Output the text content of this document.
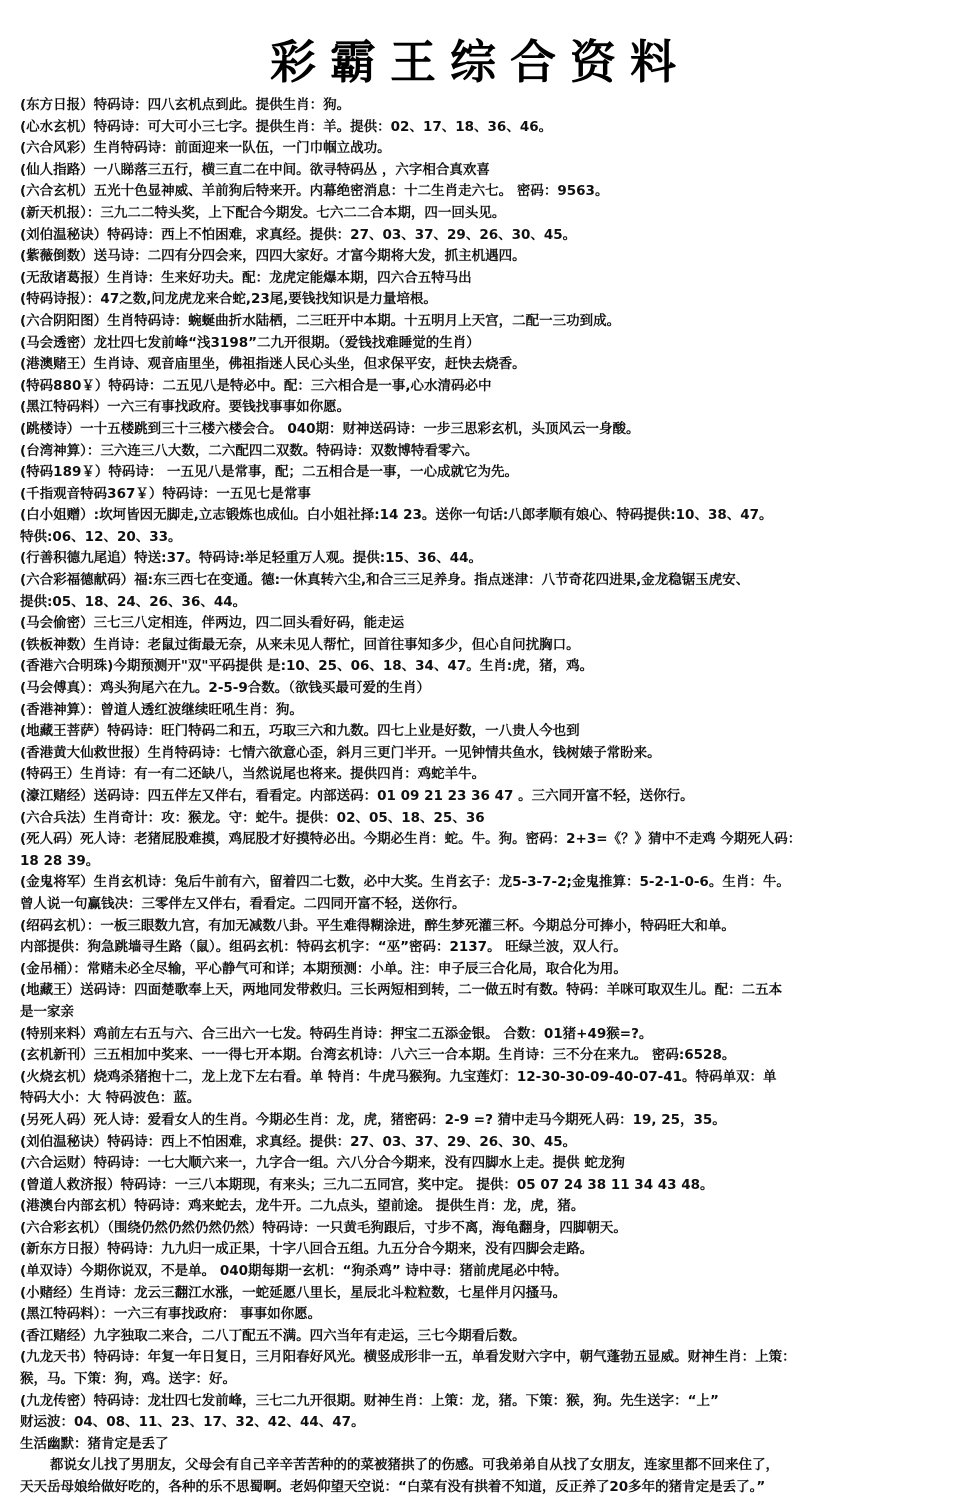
彩霸王综合资料
(东方日报）特码诗：四八玄机点到此。提供生肖：狗。
(心水玄机）特码诗：可大可小三七字。提供生肖：羊。提供：02、17、18、36、46。
(六合风彩）生肖特码诗：前面迎来一队伍，一门巾帼立战功。
(仙人指路）一八睇落三五行，横三直二在中间。欲寻特码丛 ，六字相合真欢喜
(六合玄机）五光十色显神威、羊前狗后特来开。内幕绝密消息：十二生肖走六七。 密码：9563。
(新天机报）：三九二二特头奖，上下配合今期发。七六二二合本期，四一回头见。
(刘伯温秘诀）特码诗：西上不怕困难，求真经。提供：27、03、37、29、26、30、45。
(紫薇倒数）送马诗：二四有分四会来，四四大家好。才富今期将大发，抓主机遇四。
(无敌诸葛报）生肖诗：生来好功夫。配：龙虎定能爆本期，四六合五特马出
(特码诗报）：47之数,问龙虎龙来合蛇,23尾,要钱找知识是力量培根。
(六合阴阳图）生肖特码诗：蜿蜒曲折水陆栖，二三旺开中本期。十五明月上天宫，二配一三功到成。
(马会透密）龙壮四七发前峰“浅3198”二九开很期。（爱钱找难睡觉的生肖）
(港澳赌王）生肖诗、观音庙里坐，佛祖指迷人民心头坐，但求保平安，赶快去烧香。
(特码880￥）特码诗：二五见八是特必中。配：三六相合是一事,心水清码必中
(黑江特码料）一六三有事找政府。要钱找事事如你愿。
(跳楼诗）一十五楼跳到三十三楼六楼会合。 040期：财神送码诗：一步三思彩玄机，头顶风云一身酸。
(台湾神算）：三六连三八大数，二六配四二双数。特码诗：双数博特看零六。
(特码189￥）特码诗： 一五见八是常事，配；二五相合是一事，一心成就它为先。
(千指观音特码367￥）特码诗：一五见七是常事
(白小姐赠）:坎坷皆因无脚走,立志锻炼也成仙。白小姐社择:14 23。送你一句话:八郎孝顺有娘心、特码提供:10、38、47。
特供:06、12、20、33。
(行善积德九尾追）特送:37。特码诗:举足轻重万人观。提供:15、36、44。
(六合彩福德献码）福:东三西七在变通。德:一休真转六尘,和合三三足养身。指点迷津：八节奇花四进果,金龙稳锯玉虎安、
提供:05、18、24、26、36、44。
(马会偷密）三七三八定相连，伴两边，四二回头看好码，能走运
(铁板神数）生肖诗：老鼠过街最无奈，从来未见人帮忙，回首往事知多少，但心自问扰胸口。
(香港六合明珠)今期预测开"双"平码提供 是:10、25、06、18、34、47。生肖:虎，猪，鸡。
(马会傅真）：鸡头狗尾六在九。2-5-9合数。（欲钱买最可爱的生肖）
(香港神算）：曾道人透红波继续旺吼生肖：狗。
(地藏王菩萨）特码诗：旺门特码二和五，巧取三六和九数。四七上业是好数，一八贵人今也到
(香港黄大仙救世报）生肖特码诗：七情六欲意心歪，斜月三更门半开。一见钟情共鱼水，钱树婊子常盼来。
(特码王）生肖诗：有一有二还缺八，当然说尾也将来。提供四肖：鸡蛇羊牛。
(濠江赌经）送码诗：四五伴左又伴右，看看定。内部送码：01 09 21 23 36 47 。三六同开富不轻，送你行。
(六合兵法）生肖奇计：攻：猴龙。守：蛇牛。提供：02、05、18、25、36
(死人码）死人诗：老猪屁股难摸，鸡屁股才好摸特必出。今期必生肖：蛇。牛。狗。密码：2+3=《？》猜中不走鸡 今期死人码：
18 28 39。
(金鬼将军）生肖玄机诗：兔后牛前有六，留着四二七数，必中大奖。生肖玄子：龙5-3-7-2;金鬼推算：5-2-1-0-6。生肖：牛。
曾人说一句赢钱决：三零伴左又伴右，看看定。二四同开富不轻，送你行。
(绍码玄机）：一板三眼数九宫，有加无减数八卦。平生难得糊涂进，醉生梦死灌三杯。今期总分可捧小，特码旺大和单。
内部提供：狗急跳墙寻生路（鼠）。组码玄机：特码玄机字：“巫”密码：2137。 旺绿兰波，双人行。
(金吊桶）：常赌未必全尽输，平心静气可和详；本期预测：小单。注：申子辰三合化局，取合化为用。
(地藏王）送码诗：四面楚歌奉上天，两地同发带救归。三长两短相到转，二一做五时有数。特码：羊咪可取双生儿。配：二五本
是一家亲
(特别来料）鸡前左右五与六、合三出六一七发。特码生肖诗：押宝二五添金银。 合数：01猪+49猴=?。
(玄机新刊）三五相加中奖来、一一得七开本期。台湾玄机诗：八六三一合本期。生肖诗：三不分在来九。 密码:6528。
(火烧玄机）烧鸡杀猪抱十二，龙上龙下左右看。单 特肖：牛虎马猴狗。九宝莲灯：12-30-30-09-40-07-41。特码单双：单
特码大小：大 特码波色：蓝。
(另死人码）死人诗：爱看女人的生肖。今期必生肖：龙，虎，猪密码：2-9 =? 猜中走马今期死人码：19, 25，35。
(刘伯温秘诀）特码诗：西上不怕困难，求真经。提供：27、03、37、29、26、30、45。
(六合运财）特码诗：一七大顺六来一，九字合一组。六八分合今期来，没有四脚水上走。提供 蛇龙狗
(曾道人救济报）特码诗：一三八本期现，有来头；三九二五同宫，奖中定。 提供：05 07 24 38 11 34 43 48。
(港澳台内部玄机）特码诗：鸡来蛇去，龙牛开。二九点头，望前途。 提供生肖：龙，虎，猪。
(六合彩玄机）（围绕仍然仍然仍然仍然）特码诗：一只黄毛狗跟后，寸步不离，海龟翻身，四脚朝天。
(新东方日报）特码诗：九九归一成正果，十字八回合五组。九五分合今期来，没有四脚会走路。
(单双诗）今期你说双，不是单。 040期每期一玄机：“狗杀鸡” 诗中寻：猪前虎尾必中特。
(小赌经）生肖诗：龙云三翻江水涨，一蛇延愿八里长，星辰北斗粒粒数，七星伴月闪搔马。
(黑江特码料）：一六三有事找政府： 事事如你愿。
(香江赌经）九字独取二来合，二八丁配五不满。四六当年有走运，三七今期看后数。
(九龙天书）特码诗：年复一年日复日，三月阳春好风光。横竖成形非一五，单看发财六字中，朝气蓬勃五显威。财神生肖：上策：
猴，马。下策：狗，鸡。送字：好。
(九龙传密）特码诗：龙壮四七发前峰，三七二九开很期。财神生肖：上策：龙，猪。下策：猴，狗。先生送字：“上”
财运波：04、08、11、23、17、32、42、44、47。
生活幽默：猪肯定是丢了
都说女儿找了男朋友，父母会有自己辛辛苦苦种的的菜被猪拱了的伤感。可我弟弟自从找了女朋友，连家里都不回来住了，
天天岳母娘给做好吃的，各种的乐不思蜀啊。老妈仰望天空说：“白菜有没有拱着不知道，反正养了20多年的猪肯定是丢了。”
